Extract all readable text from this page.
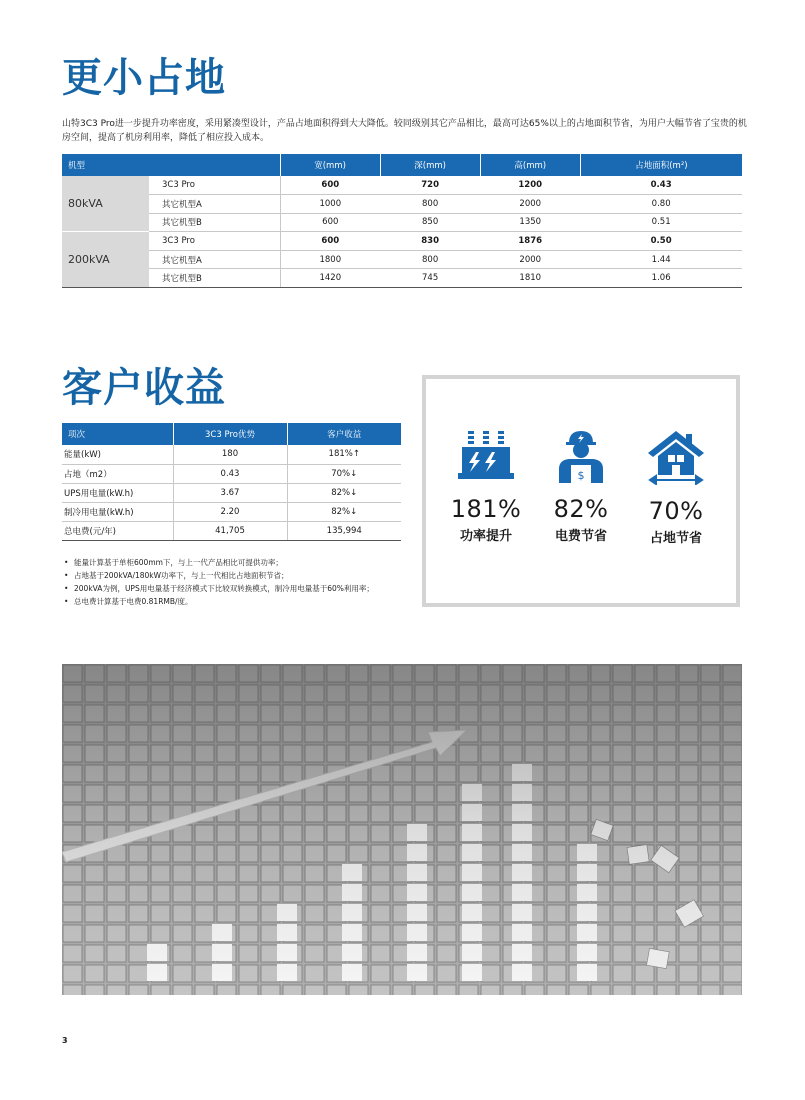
更小占地

山特3C3 Pro进一步提升功率密度，采用紧凑型设计，产品占地面积得到大大降低。较同级别其它产品相比，最高可达65%以上的占地面积节省，为用户大幅节省了宝贵的机房空间，提高了机房利用率，降低了相应投入成本。

机型		宽(mm)	深(mm)	高(mm)	占地面积(m²)
80kVA	3C3 Pro	600	720	1200	0.43
	其它机型A	1000	800	2000	0.80
	其它机型B	600	850	1350	0.51
200kVA	3C3 Pro	600	830	1876	0.50
	其它机型A	1800	800	2000	1.44
	其它机型B	1420	745	1810	1.06
客户收益
项次	3C3 Pro优势	客户收益
能量(kW)	180	181%↑
占地（m2）	0.43	70%↓
UPS用电量(kW.h)	3.67	82%↓
制冷用电量(kW.h)	2.20	82%↓
总电费(元/年)	41,705	135,994
• 能量计算基于单柜600mm下，与上一代产品相比可提供功率；
• 占地基于200kVA/180kW功率下，与上一代相比占地面积节省；
• 200kVA为例，UPS用电量基于经济模式下比较双转换模式，制冷用电量基于60%利用率；
• 总电费计算基于电费0.81RMB/度。
181%
功率提升
$
82%
电费节省
70%
占地节省
3
